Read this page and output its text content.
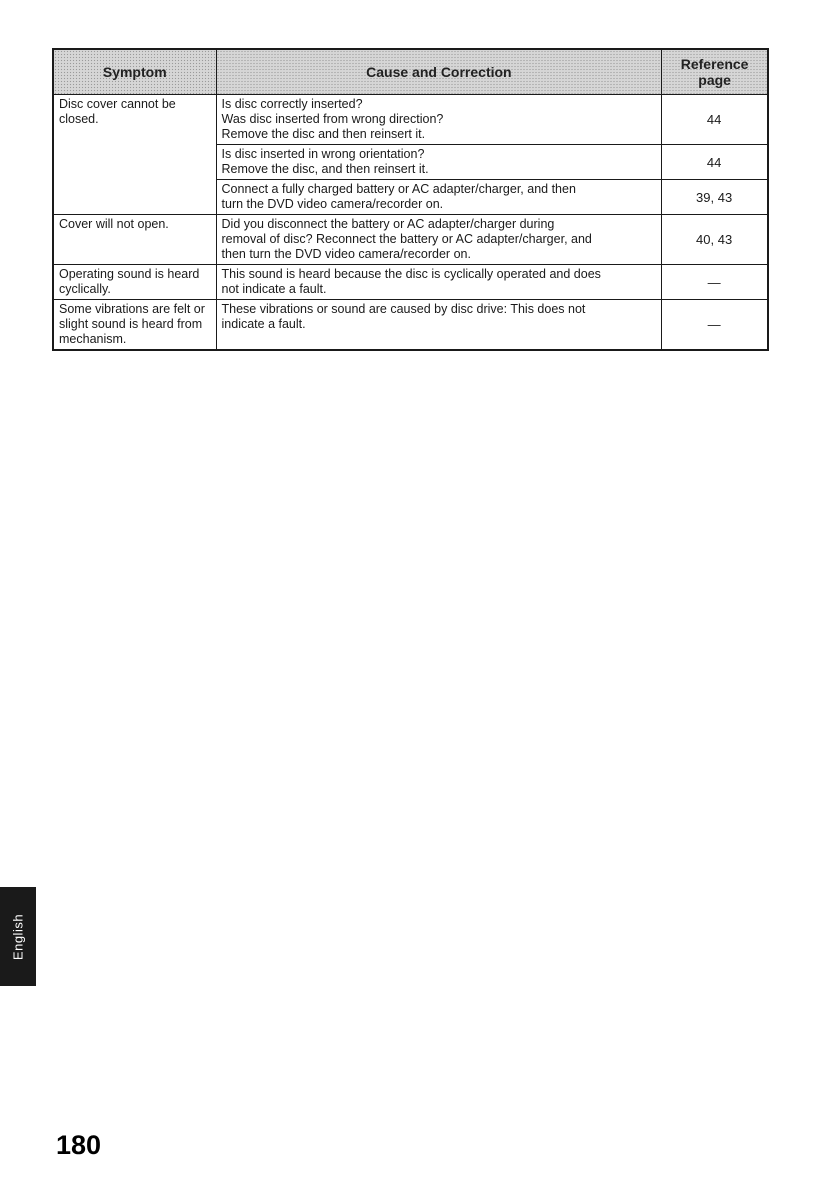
Symptom	Cause and Correction	Reference page
Disc cover cannot be closed.	Is disc correctly inserted?
Was disc inserted from wrong direction?
Remove the disc and then reinsert it.	44

	Is disc inserted in wrong orientation?
Remove the disc, and then reinsert it.	44

	Connect a fully charged battery or AC adapter/charger, and then
turn the DVD video camera/recorder on.	39, 43
Cover will not open.	Did you disconnect the battery or AC adapter/charger during
removal of disc? Reconnect the battery or AC adapter/charger, and
then turn the DVD video camera/recorder on.	40, 43
Operating sound is heard cyclically.	This sound is heard because the disc is cyclically operated and does
not indicate a fault.	—
Some vibrations are felt or slight sound is heard from mechanism.	These vibrations or sound are caused by disc drive: This does not
indicate a fault.	—
English
180
